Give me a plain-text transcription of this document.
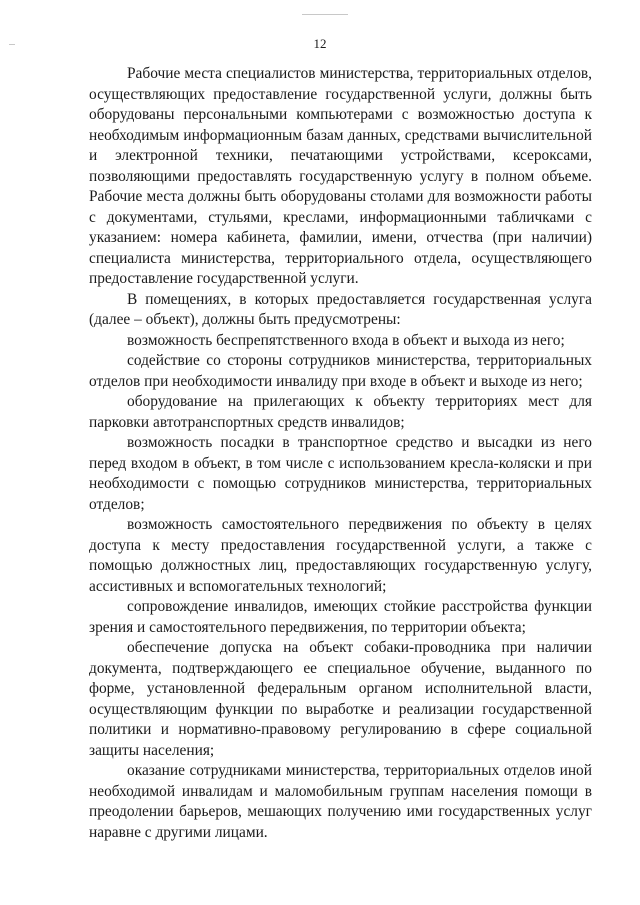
12

Рабочие места специалистов министерства, территориальных отделов, осуществляющих предоставление государственной услуги, должны быть оборудованы персональными компьютерами с возможностью доступа к необходимым информационным базам данных, средствами вычислительной и электронной техники, печатающими устройствами, ксероксами, позволяющими предоставлять государственную услугу в полном объеме. Рабочие места должны быть оборудованы столами для возможности работы с документами, стульями, креслами, информационными табличками с указанием: номера кабинета, фамилии, имени, отчества (при наличии) специалиста министерства, территориального отдела, осуществляющего предоставление государственной услуги.

В помещениях, в которых предоставляется государственная услуга (далее – объект), должны быть предусмотрены:

возможность беспрепятственного входа в объект и выхода из него;

содействие со стороны сотрудников министерства, территориальных отделов при необходимости инвалиду при входе в объект и выходе из него;

оборудование на прилегающих к объекту территориях мест для парковки автотранспортных средств инвалидов;

возможность посадки в транспортное средство и высадки из него перед входом в объект, в том числе с использованием кресла-коляски и при необходимости с помощью сотрудников министерства, территориальных отделов;

возможность самостоятельного передвижения по объекту в целях доступа к месту предоставления государственной услуги, а также с помощью должностных лиц, предоставляющих государственную услугу, ассистивных и вспомогательных технологий;

сопровождение инвалидов, имеющих стойкие расстройства функции зрения и самостоятельного передвижения, по территории объекта;

обеспечение допуска на объект собаки-проводника при наличии документа, подтверждающего ее специальное обучение, выданного по форме, установленной федеральным органом исполнительной власти, осуществляющим функции по выработке и реализации государственной политики и нормативно-правовому регулированию в сфере социальной защиты населения;

оказание сотрудниками министерства, территориальных отделов иной необходимой инвалидам и маломобильным группам населения помощи в преодолении барьеров, мешающих получению ими государственных услуг наравне с другими лицами.
